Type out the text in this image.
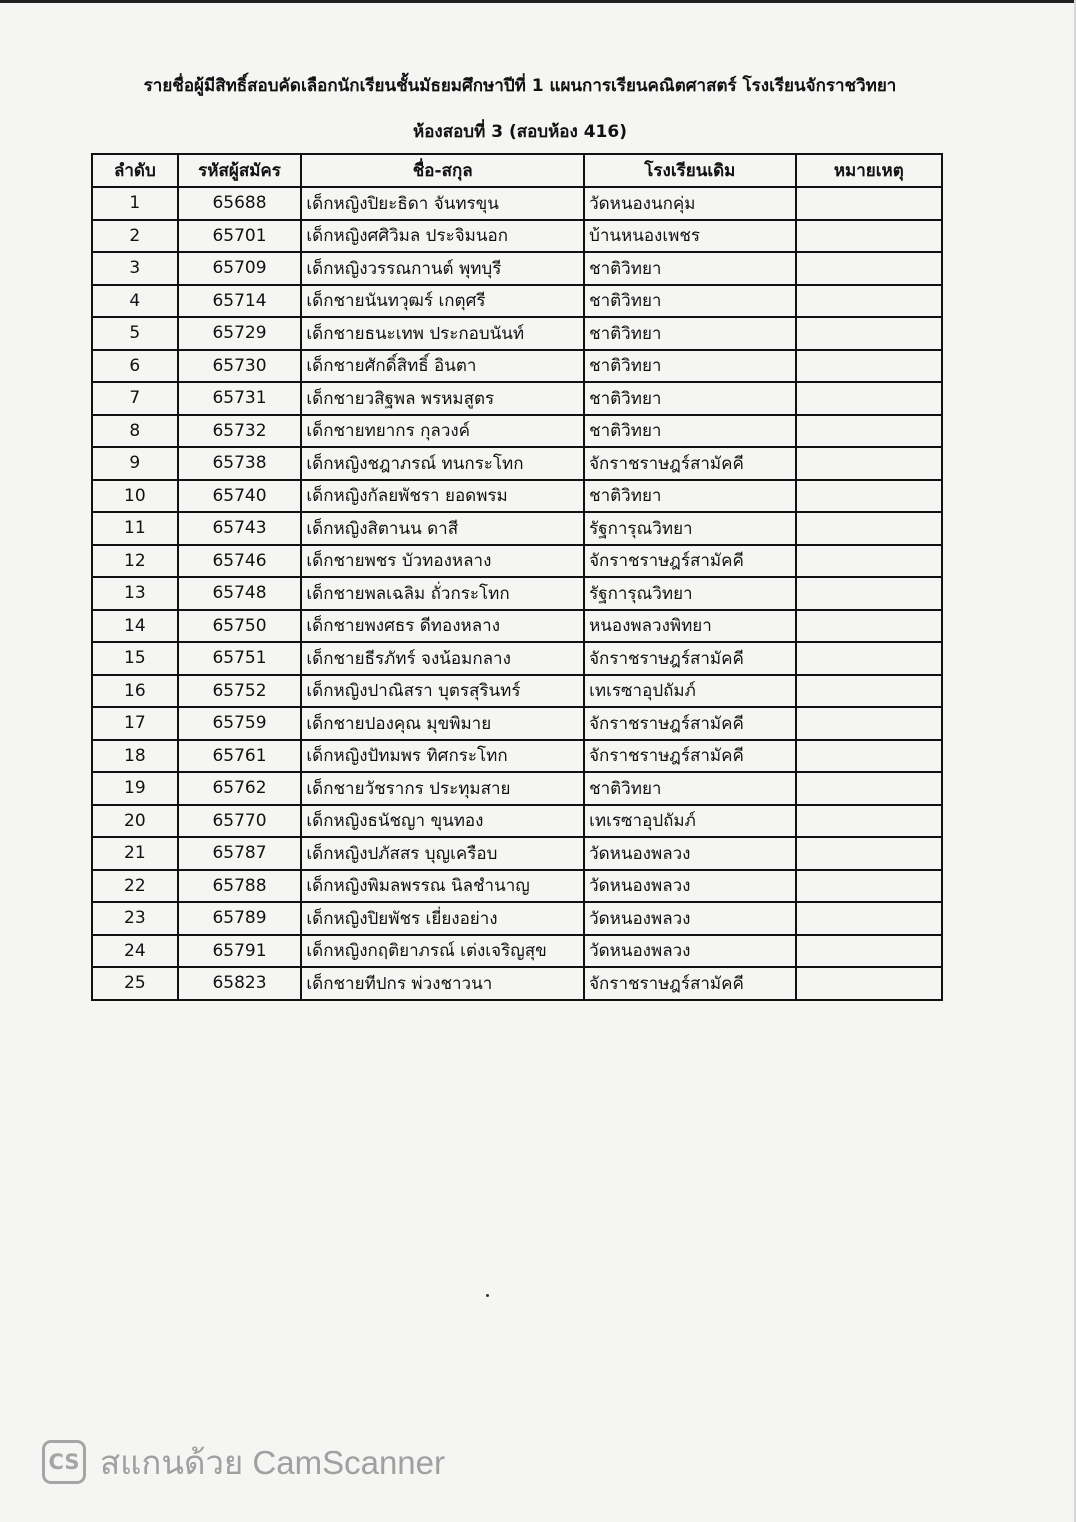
รายชื่อผู้มีสิทธิ์สอบคัดเลือกนักเรียนชั้นมัธยมศึกษาปีที่ 1 แผนการเรียนคณิตศาสตร์ โรงเรียนจักราชวิทยา
ห้องสอบที่ 3 (สอบห้อง 416)
ลำดับ	รหัสผู้สมัคร	ชื่อ-สกุล	โรงเรียนเดิม	หมายเหตุ
1	65688	เด็กหญิงปิยะธิดา จันทรขุน	วัดหนองนกคุ่ม	
2	65701	เด็กหญิงศศิวิมล ประจิมนอก	บ้านหนองเพชร	
3	65709	เด็กหญิงวรรณกานต์ พุทบุรี	ชาติวิทยา	
4	65714	เด็กชายนันทวุฒร์ เกตุศรี	ชาติวิทยา	
5	65729	เด็กชายธนะเทพ ประกอบนันท์	ชาติวิทยา	
6	65730	เด็กชายศักดิ์สิทธิ์ อินตา	ชาติวิทยา	
7	65731	เด็กชายวสิฐพล พรหมสูตร	ชาติวิทยา	
8	65732	เด็กชายทยากร กุลวงค์	ชาติวิทยา	
9	65738	เด็กหญิงชฎาภรณ์ ทนกระโทก	จักราชราษฎร์สามัคคี	
10	65740	เด็กหญิงกัลยพัชรา ยอดพรม	ชาติวิทยา	
11	65743	เด็กหญิงสิตานน ดาสี	รัฐการุณวิทยา	
12	65746	เด็กชายพชร บัวทองหลาง	จักราชราษฎร์สามัคคี	
13	65748	เด็กชายพลเฉลิม ถั่วกระโทก	รัฐการุณวิทยา	
14	65750	เด็กชายพงศธร ดีทองหลาง	หนองพลวงพิทยา	
15	65751	เด็กชายธีรภัทร์ จงน้อมกลาง	จักราชราษฎร์สามัคคี	
16	65752	เด็กหญิงปาณิสรา บุตรสุรินทร์	เทเรซาอุปถัมภ์	
17	65759	เด็กชายปองคุณ มุขพิมาย	จักราชราษฎร์สามัคคี	
18	65761	เด็กหญิงปัทมพร ทิศกระโทก	จักราชราษฎร์สามัคคี	
19	65762	เด็กชายวัชรากร ประทุมสาย	ชาติวิทยา	
20	65770	เด็กหญิงธนัชญา ขุนทอง	เทเรซาอุปถัมภ์	
21	65787	เด็กหญิงปภัสสร บุญเครือบ	วัดหนองพลวง	
22	65788	เด็กหญิงพิมลพรรณ นิลชำนาญ	วัดหนองพลวง	
23	65789	เด็กหญิงปิยพัชร เยี่ยงอย่าง	วัดหนองพลวง	
24	65791	เด็กหญิงกฤติยาภรณ์ เต่งเจริญสุข	วัดหนองพลวง	
25	65823	เด็กชายทีปกร พ่วงชาวนา	จักราชราษฎร์สามัคคี	
CS สแกนด้วย CamScanner
